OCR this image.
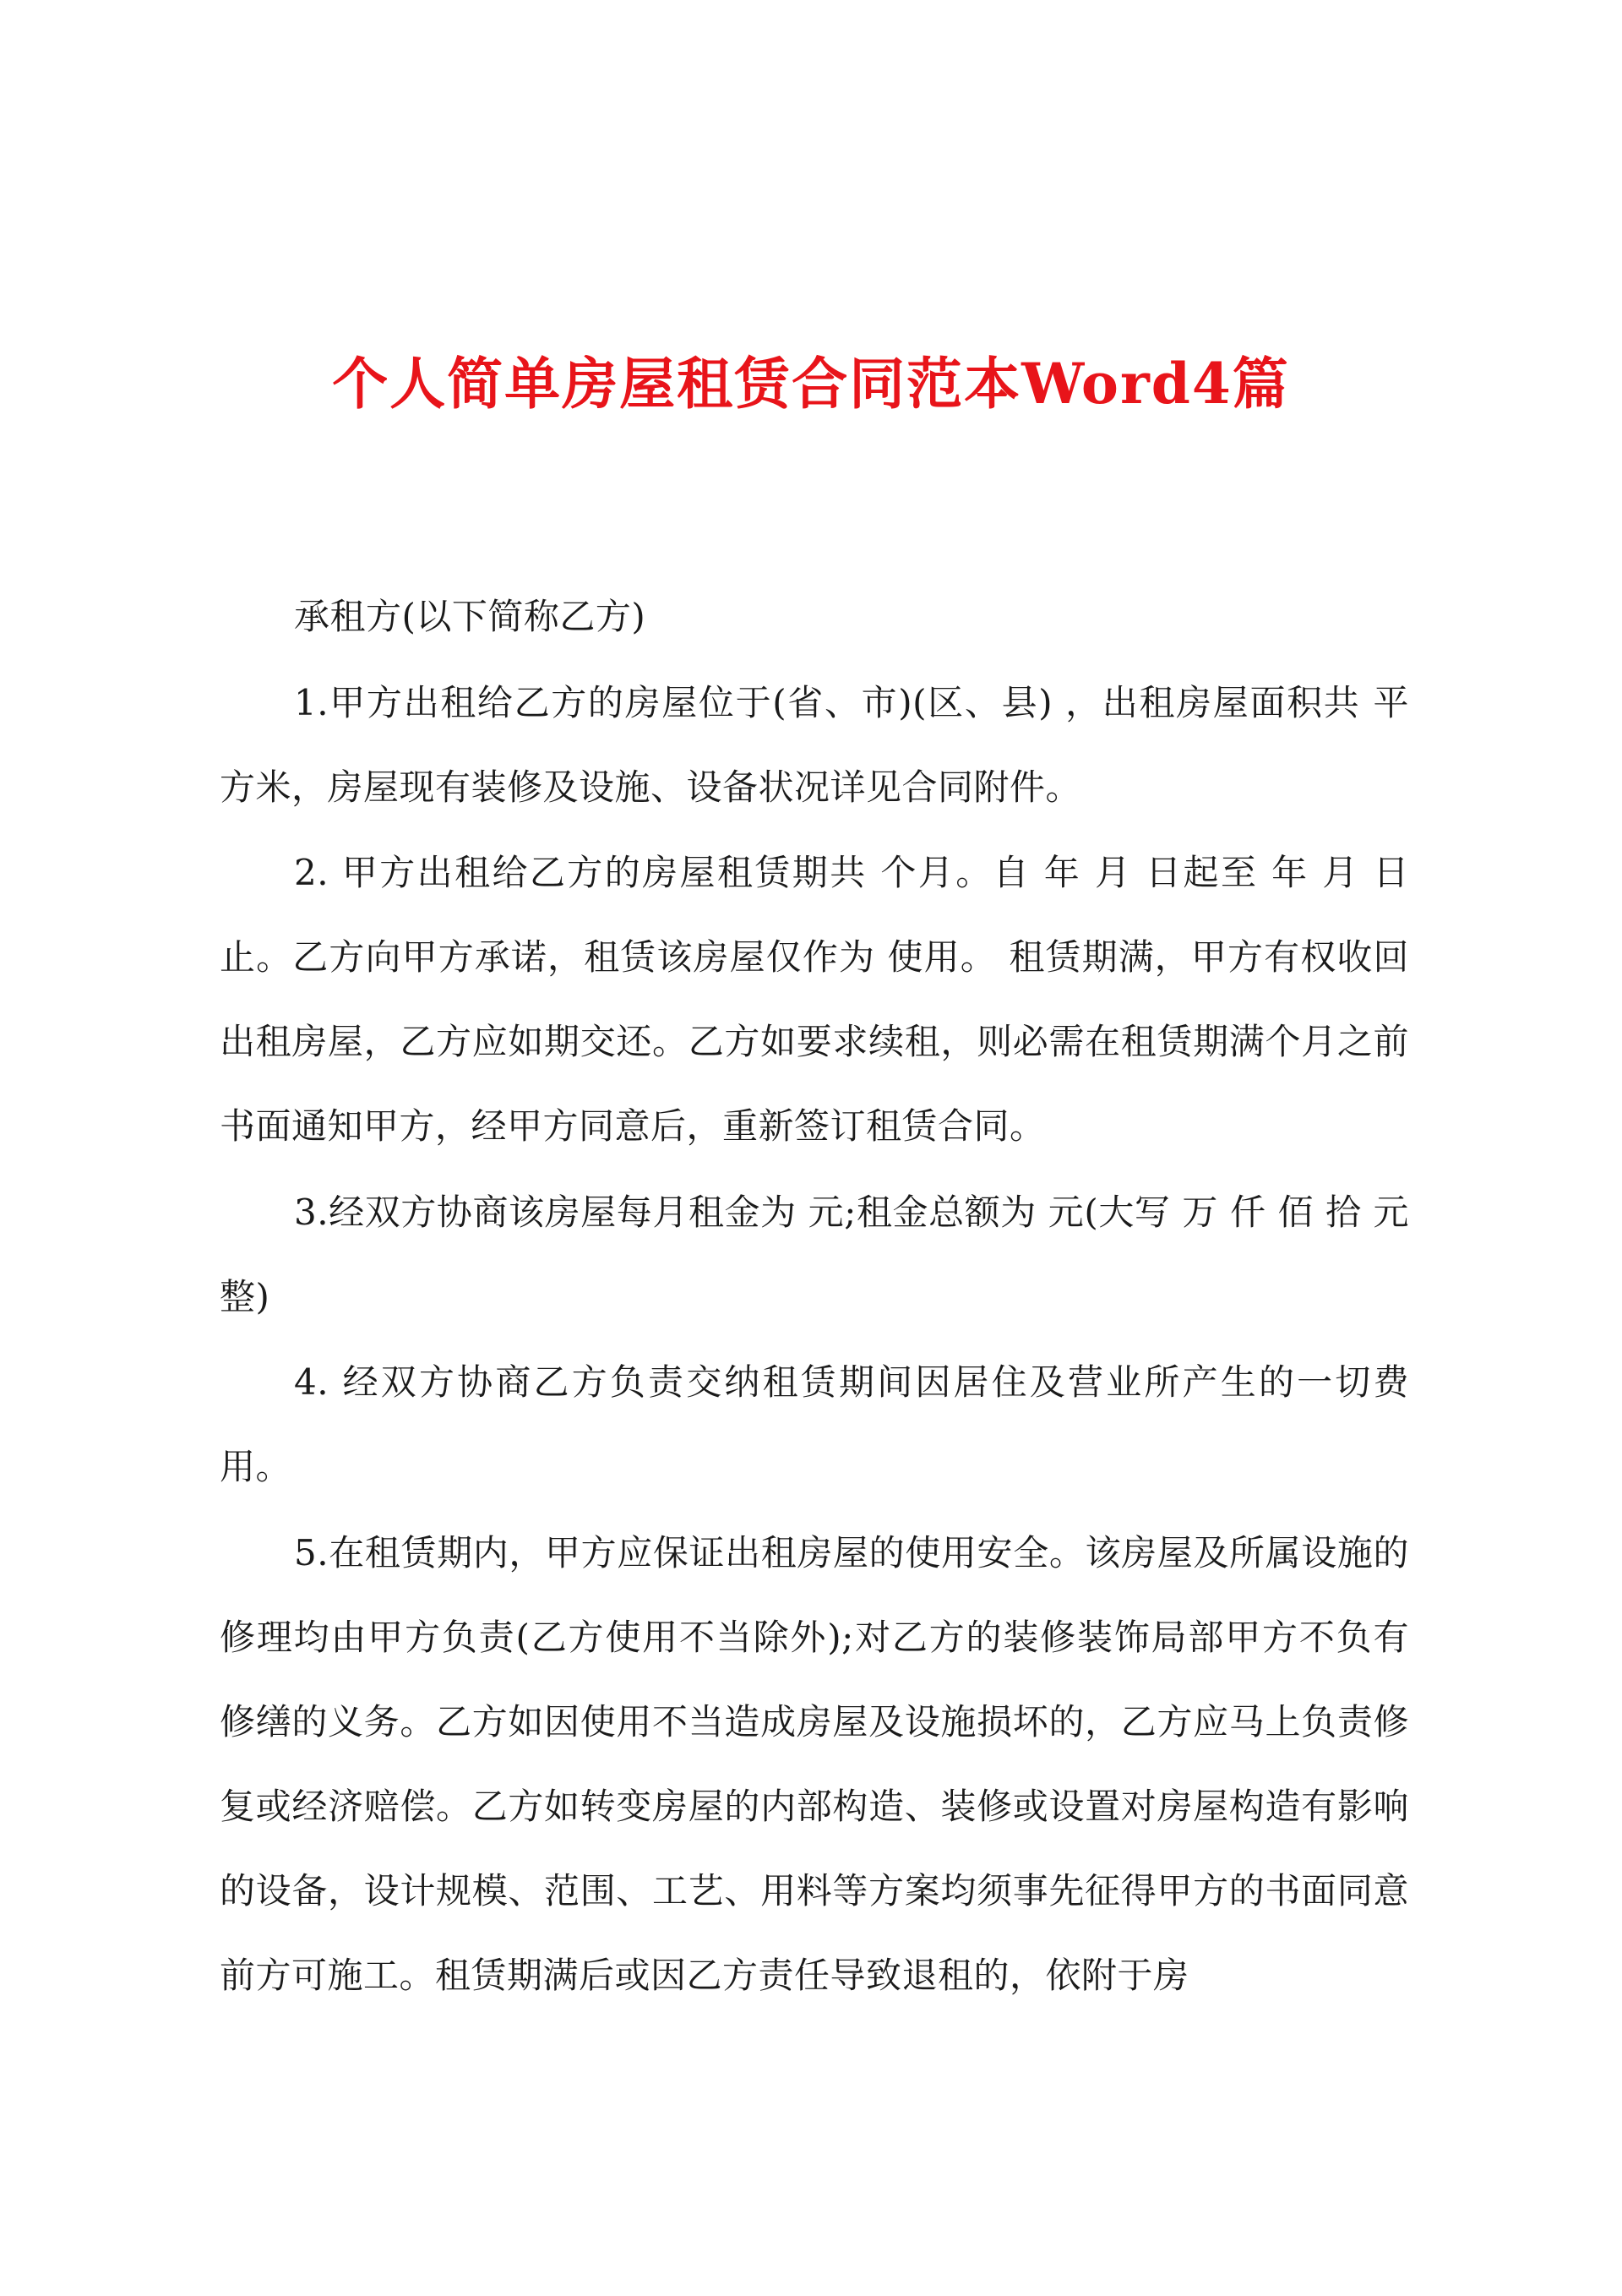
个人简单房屋租赁合同范本Word4篇

承租方(以下简称乙方)

1.甲方出租给乙方的房屋位于(省、市)(区、县) ，出租房屋面积共 平方米，房屋现有装修及设施、设备状况详见合同附件。

2. 甲方出租给乙方的房屋租赁期共 个月。自 年 月 日起至 年 月 日止。乙方向甲方承诺，租赁该房屋仅作为 使用。 租赁期满，甲方有权收回出租房屋，乙方应如期交还。乙方如要求续租，则必需在租赁期满个月之前书面通知甲方，经甲方同意后，重新签订租赁合同。

3.经双方协商该房屋每月租金为 元;租金总额为 元(大写 万 仟 佰 拾 元整)

4. 经双方协商乙方负责交纳租赁期间因居住及营业所产生的一切费用。

5.在租赁期内，甲方应保证出租房屋的使用安全。该房屋及所属设施的修理均由甲方负责(乙方使用不当除外);对乙方的装修装饰局部甲方不负有修缮的义务。乙方如因使用不当造成房屋及设施损坏的，乙方应马上负责修复或经济赔偿。乙方如转变房屋的内部构造、装修或设置对房屋构造有影响的设备，设计规模、范围、工艺、用料等方案均须事先征得甲方的书面同意前方可施工。租赁期满后或因乙方责任导致退租的，依附于房
